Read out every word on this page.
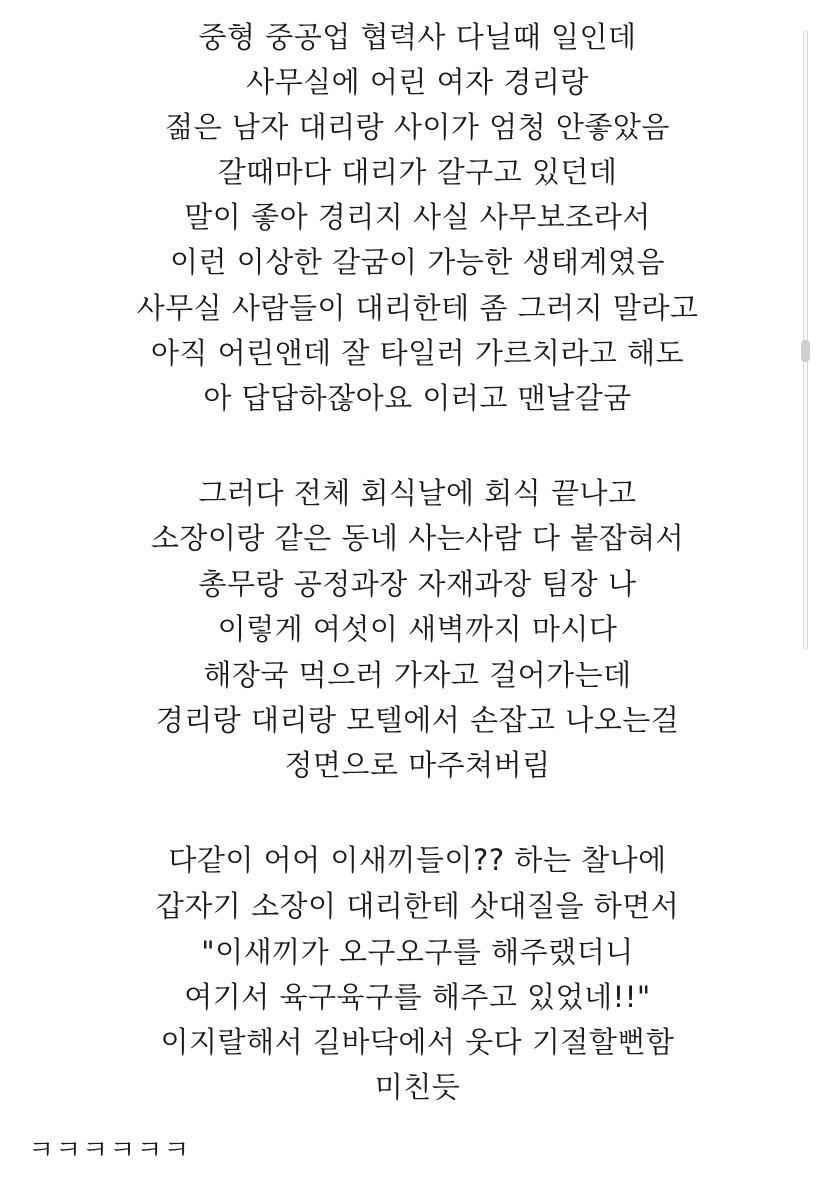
중형 중공업 협력사 다닐때 일인데
사무실에 어린 여자 경리랑
젊은 남자 대리랑 사이가 엄청 안좋았음
갈때마다 대리가 갈구고 있던데
말이 좋아 경리지 사실 사무보조라서
이런 이상한 갈굼이 가능한 생태계였음
사무실 사람들이 대리한테 좀 그러지 말라고
아직 어린앤데 잘 타일러 가르치라고 해도
아 답답하잖아요 이러고 맨날갈굼
그러다 전체 회식날에 회식 끝나고
소장이랑 같은 동네 사는사람 다 붙잡혀서
총무랑 공정과장 자재과장 팀장 나
이렇게 여섯이 새벽까지 마시다
해장국 먹으러 가자고 걸어가는데
경리랑 대리랑 모텔에서 손잡고 나오는걸
정면으로 마주쳐버림
다같이 어어 이새끼들이?? 하는 찰나에
갑자기 소장이 대리한테 삿대질을 하면서
"이새끼가 오구오구를 해주랬더니
여기서 육구육구를 해주고 있었네!!"
이지랄해서 길바닥에서 웃다 기절할뻔함
미친듯
ㅋㅋㅋㅋㅋㅋ
